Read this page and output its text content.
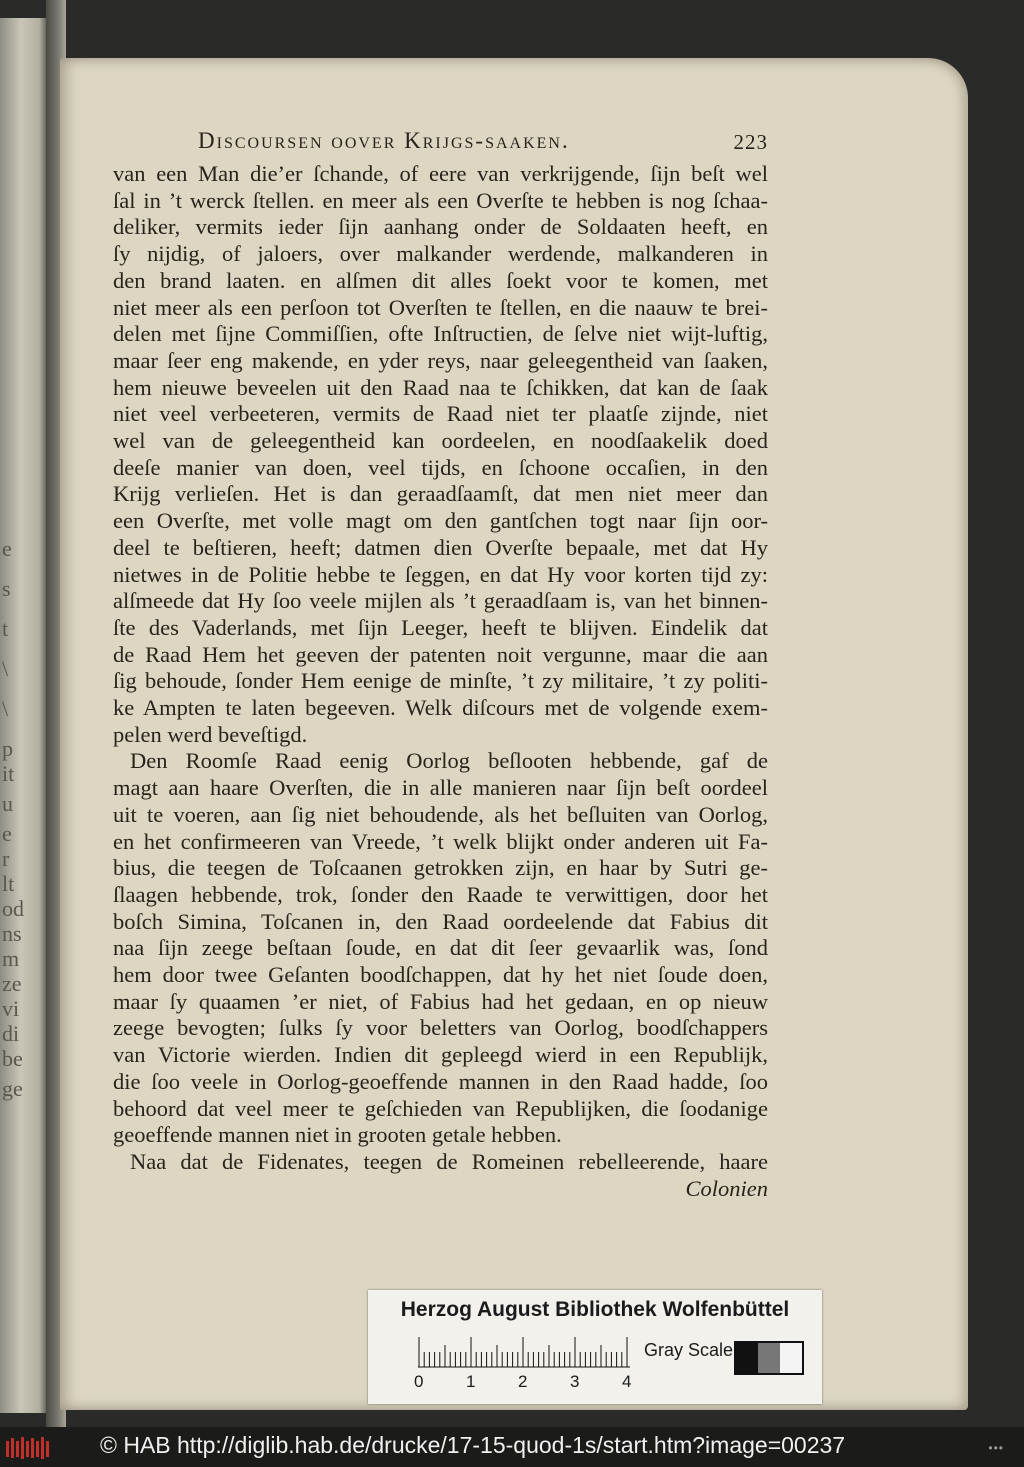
e
s
t
\
\
p
it
u
e
r
lt
od
ns
m
ze
vi
di
be
ge
Discoursen oover Krijgs-saaken.	223
van een Man die’er ſchande, of eere van verkrijgende, ſijn beſt wel
ſal in ’t werck ſtellen. en meer als een Overſte te hebben is nog ſchaa-
deliker, vermits ieder ſijn aanhang onder de Soldaaten heeft, en
ſy nijdig, of jaloers, over malkander werdende, malkanderen in
den brand laaten. en alſmen dit alles ſoekt voor te komen, met
niet meer als een perſoon tot Overſten te ſtellen, en die naauw te brei-
delen met ſijne Commiſſien, ofte Inſtructien, de ſelve niet wijt-luftig,
maar ſeer eng makende, en yder reys, naar geleegentheid van ſaaken,
hem nieuwe beveelen uit den Raad naa te ſchikken, dat kan de ſaak
niet veel verbeeteren, vermits de Raad niet ter plaatſe zijnde, niet
wel van de geleegentheid kan oordeelen, en noodſaakelik doed
deeſe manier van doen, veel tijds, en ſchoone occaſien, in den
Krijg verlieſen. Het is dan geraadſaamſt, dat men niet meer dan
een Overſte, met volle magt om den gantſchen togt naar ſijn oor-
deel te beſtieren, heeft; datmen dien Overſte bepaale, met dat Hy
nietwes in de Politie hebbe te ſeggen, en dat Hy voor korten tijd zy:
alſmeede dat Hy ſoo veele mijlen als ’t geraadſaam is, van het binnen-
ſte des Vaderlands, met ſijn Leeger, heeft te blijven. Eindelik dat
de Raad Hem het geeven der patenten noit vergunne, maar die aan
ſig behoude, ſonder Hem eenige de minſte, ’t zy militaire, ’t zy politi-
ke Ampten te laten begeeven. Welk diſcours met de volgende exem-
pelen werd beveſtigd.
Den Roomſe Raad eenig Oorlog beſlooten hebbende, gaf de
magt aan haare Overſten, die in alle manieren naar ſijn beſt oordeel
uit te voeren, aan ſig niet behoudende, als het beſluiten van Oorlog,
en het confirmeeren van Vreede, ’t welk blijkt onder anderen uit Fa-
bius, die teegen de Toſcaanen getrokken zijn, en haar by Sutri ge-
ſlaagen hebbende, trok, ſonder den Raade te verwittigen, door het
boſch Simina, Toſcanen in, den Raad oordeelende dat Fabius dit
naa ſijn zeege beſtaan ſoude, en dat dit ſeer gevaarlik was, ſond
hem door twee Geſanten boodſchappen, dat hy het niet ſoude doen,
maar ſy quaamen ’er niet, of Fabius had het gedaan, en op nieuw
zeege bevogten; ſulks ſy voor beletters van Oorlog, boodſchappers
van Victorie wierden. Indien dit gepleegd wierd in een Republijk,
die ſoo veele in Oorlog-geoeffende mannen in den Raad hadde, ſoo
behoord dat veel meer te geſchieden van Republijken, die ſoodanige
geoeffende mannen niet in grooten getale hebben.
Naa dat de Fidenates, teegen de Romeinen rebelleerende, haare
Colonien
Herzog August Bibliothek Wolfenbüttel
0	1	2	3	4
Gray Scale
© HAB http://diglib.hab.de/drucke/17-15-quod-1s/start.htm?image=00237	•••
